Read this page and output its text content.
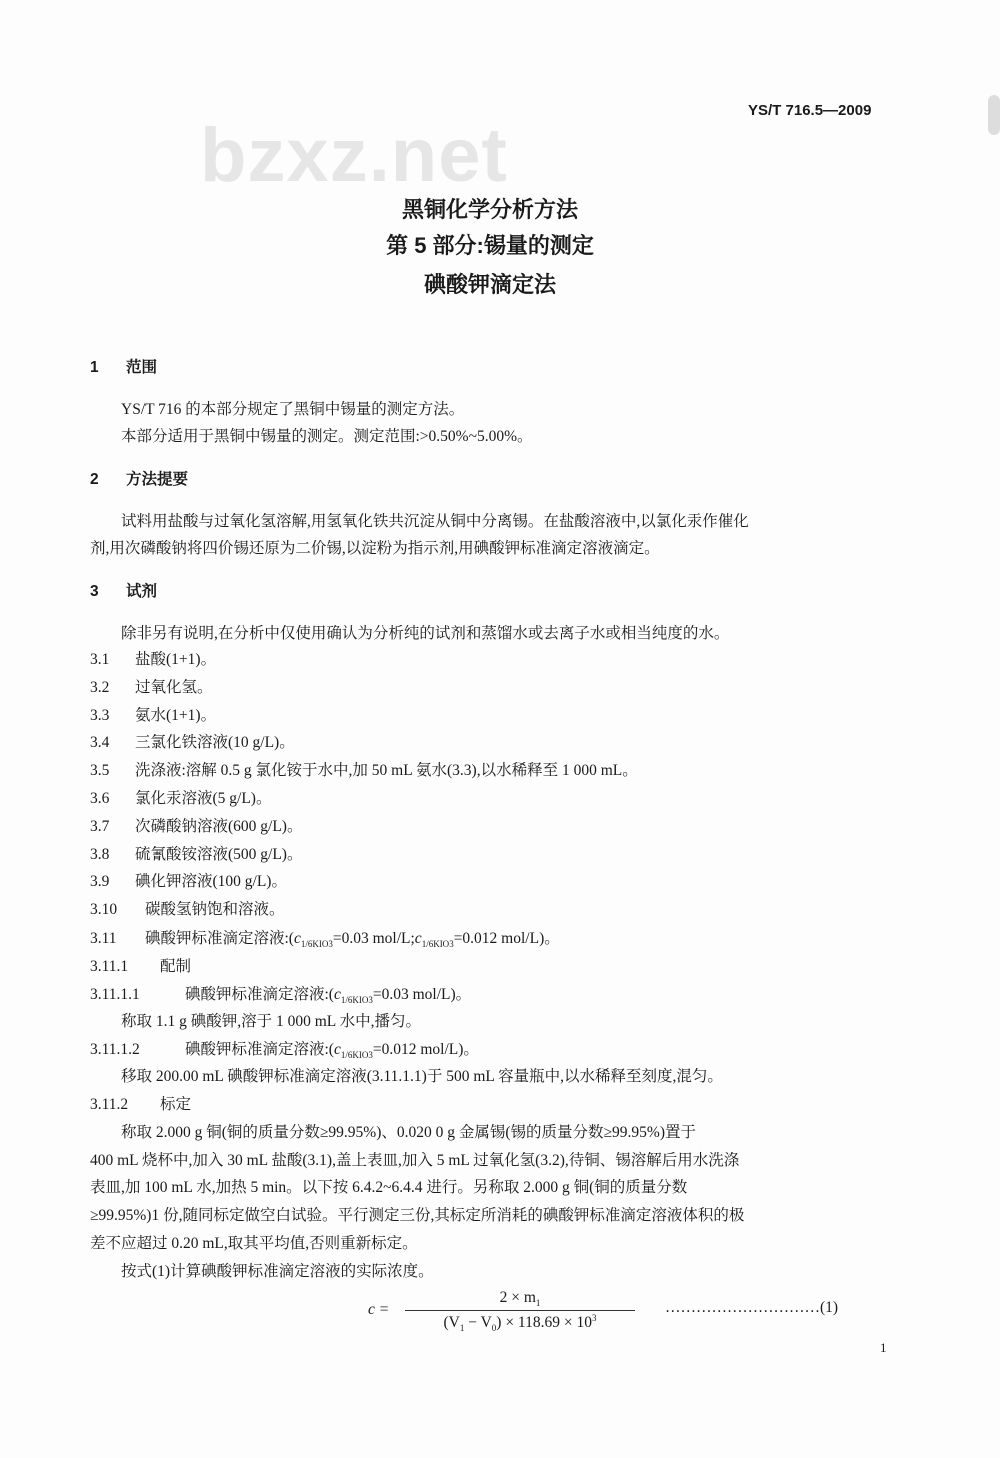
YS/T 716.5—2009
bzxz.net
黑铜化学分析方法
第 5 部分:锡量的测定
碘酸钾滴定法
1 范围
YS/T 716 的本部分规定了黑铜中锡量的测定方法。
本部分适用于黑铜中锡量的测定。测定范围:>0.50%~5.00%。
2 方法提要
试料用盐酸与过氧化氢溶解,用氢氧化铁共沉淀从铜中分离锡。在盐酸溶液中,以氯化汞作催化
剂,用次磷酸钠将四价锡还原为二价锡,以淀粉为指示剂,用碘酸钾标准滴定溶液滴定。
3 试剂
除非另有说明,在分析中仅使用确认为分析纯的试剂和蒸馏水或去离子水或相当纯度的水。
3.1 盐酸(1+1)。
3.2 过氧化氢。
3.3 氨水(1+1)。
3.4 三氯化铁溶液(10 g/L)。
3.5 洗涤液:溶解 0.5 g 氯化铵于水中,加 50 mL 氨水(3.3),以水稀释至 1 000 mL。
3.6 氯化汞溶液(5 g/L)。
3.7 次磷酸钠溶液(600 g/L)。
3.8 硫氰酸铵溶液(500 g/L)。
3.9 碘化钾溶液(100 g/L)。
3.10 碳酸氢钠饱和溶液。
3.11 碘酸钾标准滴定溶液$:(c_{1/6KIO3}=0.03$ mol/$L;c_{1/6KIO3}=0.012$ mol/L)。
3.11.1 配制
3.11.1.1	碘酸钾标准滴定溶液$:(c_{1/6KIO3}=0.03$ mol/L)。
称取 1.1 g 碘酸钾,溶于 1 000 mL 水中,播匀。
3.11.1.2	碘酸钾标准滴定溶液$:(c_{1/6KIO3}=0.012$ mol/L)。
移取 200.00 mL 碘酸钾标准滴定溶液(3.11.1.1)于 500 mL 容量瓶中,以水稀释至刻度,混匀。
3.11.2 标定
称取 2.000 g 铜(铜的质量分数≥99.95%)、0.020 0 g 金属锡(锡的质量分数≥99.95%)置于
400 mL 烧杯中,加入 30 mL 盐酸(3.1),盖上表皿,加入 5 mL 过氧化氢(3.2),待铜、锡溶解后用水洗涤
表皿,加 100 mL 水,加热 5 min。以下按 6.4.2~6.4.4 进行。另称取 2.000 g 铜(铜的质量分数
≥99.95%)1 份,随同标定做空白试验。平行测定三份,其标定所消耗的碘酸钾标准滴定溶液体积的极
差不应超过 0.20 mL,取其平均值,否则重新标定。
按式(1)计算碘酸钾标准滴定溶液的实际浓度。
$c = \frac{2 \times m_1}{(V_1 - V_0) \times 118.69 \times 10^3}$ …………………………(1)
1
